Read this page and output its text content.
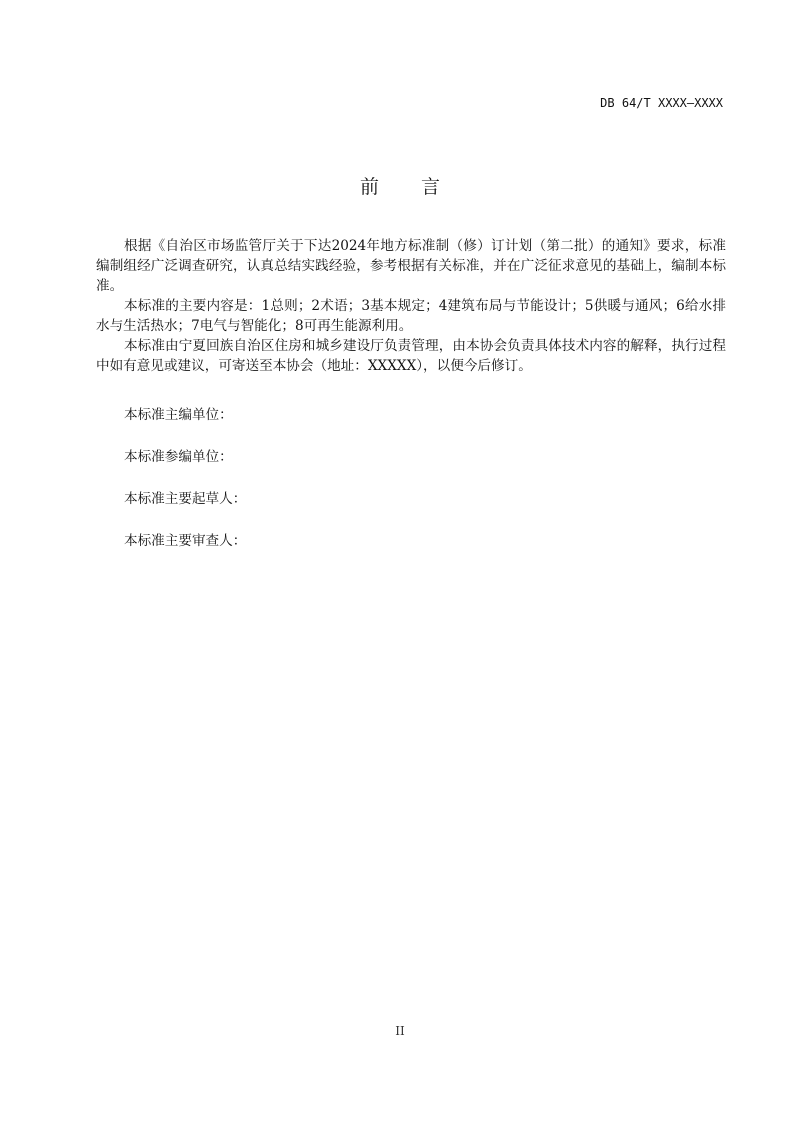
DB 64/T XXXX—XXXX
前 言

根据《自治区市场监管厅关于下达2024年地方标准制（修）订计划（第二批）的通知》要求，标准编制组经广泛调查研究，认真总结实践经验，参考根据有关标准，并在广泛征求意见的基础上，编制本标准。

本标准的主要内容是：1总则；2术语；3基本规定；4建筑布局与节能设计；5供暖与通风；6给水排水与生活热水；7电气与智能化；8可再生能源利用。

本标准由宁夏回族自治区住房和城乡建设厅负责管理，由本协会负责具体技术内容的解释，执行过程中如有意见或建议，可寄送至本协会（地址：XXXXX），以便今后修订。

本标准主编单位：
本标准参编单位：
本标准主要起草人：
本标准主要审查人：
II
